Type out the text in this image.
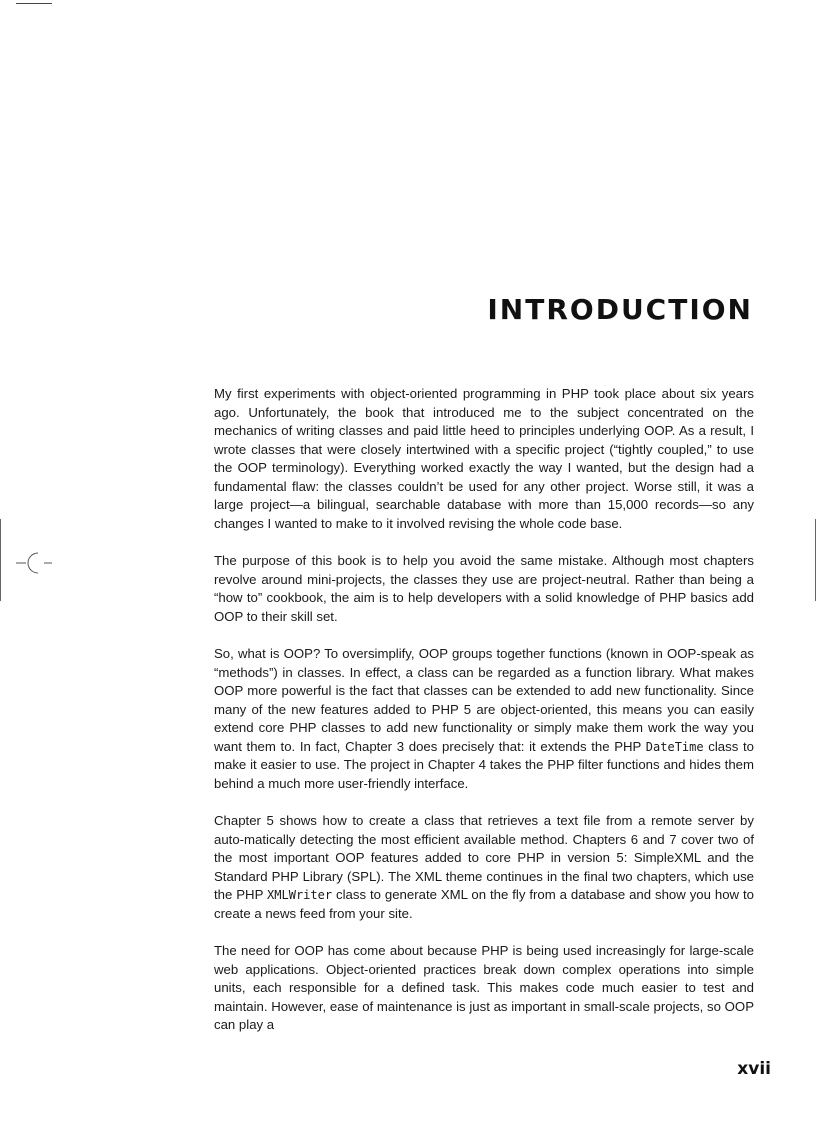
INTRODUCTION

My first experiments with object-oriented programming in PHP took place about six years ago. Unfortunately, the book that introduced me to the subject concentrated on the mechanics of writing classes and paid little heed to principles underlying OOP. As a result, I wrote classes that were closely intertwined with a specific project (“tightly coupled,” to use the OOP terminology). Everything worked exactly the way I wanted, but the design had a fundamental flaw: the classes couldn’t be used for any other project. Worse still, it was a large project—a bilingual, searchable database with more than 15,000 records—so any changes I wanted to make to it involved revising the whole code base.

The purpose of this book is to help you avoid the same mistake. Although most chapters revolve around mini-projects, the classes they use are project-neutral. Rather than being a “how to” cookbook, the aim is to help developers with a solid knowledge of PHP basics add OOP to their skill set.

So, what is OOP? To oversimplify, OOP groups together functions (known in OOP-speak as “methods”) in classes. In effect, a class can be regarded as a function library. What makes OOP more powerful is the fact that classes can be extended to add new functionality. Since many of the new features added to PHP 5 are object-oriented, this means you can easily extend core PHP classes to add new functionality or simply make them work the way you want them to. In fact, Chapter 3 does precisely that: it extends the PHP DateTime class to make it easier to use. The project in Chapter 4 takes the PHP filter functions and hides them behind a much more user-friendly interface.

Chapter 5 shows how to create a class that retrieves a text file from a remote server by auto-matically detecting the most efficient available method. Chapters 6 and 7 cover two of the most important OOP features added to core PHP in version 5: SimpleXML and the Standard PHP Library (SPL). The XML theme continues in the final two chapters, which use the PHP XMLWriter class to generate XML on the fly from a database and show you how to create a news feed from your site.

The need for OOP has come about because PHP is being used increasingly for large-scale web applications. Object-oriented practices break down complex operations into simple units, each responsible for a defined task. This makes code much easier to test and maintain. However, ease of maintenance is just as important in small-scale projects, so OOP can play a

xvii
